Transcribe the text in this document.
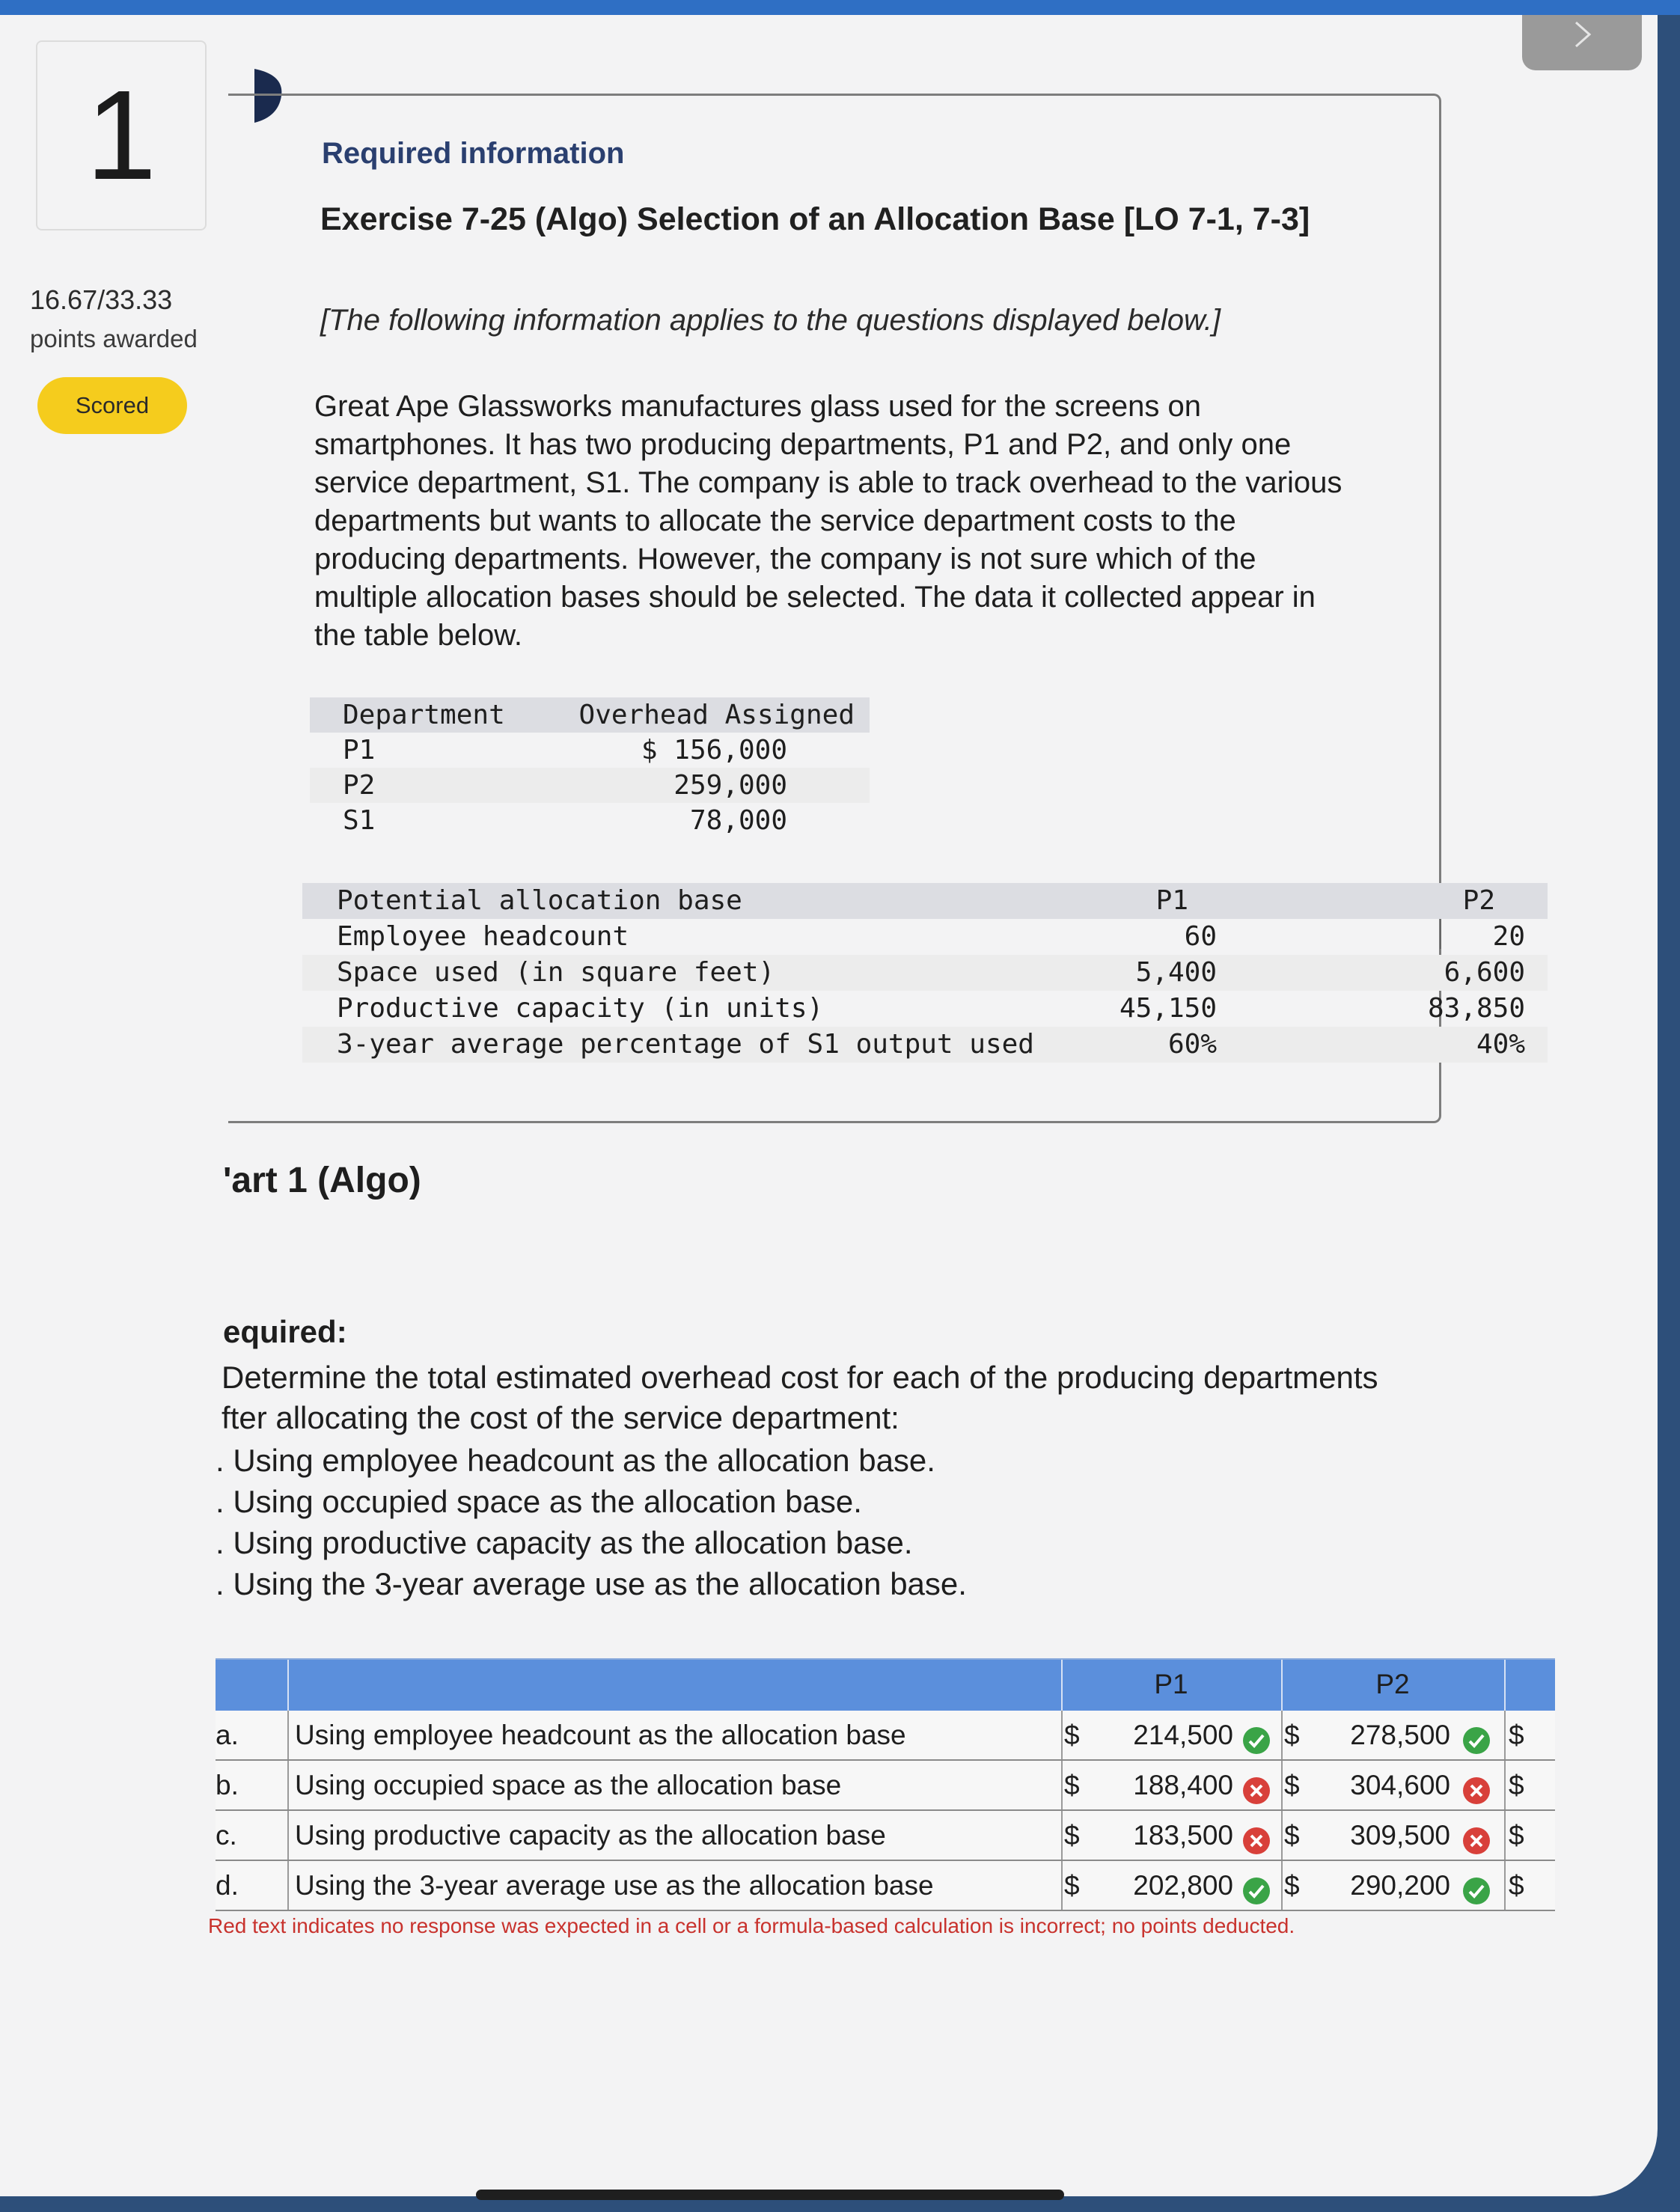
1
16.67/33.33
points awarded
Scored
Required information
Exercise 7-25 (Algo) Selection of an Allocation Base [LO 7-1, 7-3]
[The following information applies to the questions displayed below.]
Great Ape Glassworks manufactures glass used for the screens on smartphones. It has two producing departments, P1 and P2, and only one service department, S1. The company is able to track overhead to the various departments but wants to allocate the service department costs to the producing departments. However, the company is not sure which of the multiple allocation bases should be selected. The data it collected appear in the table below.
Department	Overhead Assigned
P1	$ 156,000
P2	259,000
S1	78,000
Potential allocation base	P1	P2
Employee headcount	60	20
Space used (in square feet)	5,400	6,600
Productive capacity (in units)	45,150	83,850
3-year average percentage of S1 output used	60%	40%
'art 1 (Algo)
equired:
Determine the total estimated overhead cost for each of the producing departments
fter allocating the cost of the service department:
. Using employee headcount as the allocation base.
. Using occupied space as the allocation base.
. Using productive capacity as the allocation base.
. Using the 3-year average use as the allocation base.
P1	P2
a. Using employee headcount as the allocation base	$	214,500 $	278,500 $
b. Using occupied space as the allocation base	$	188,400 $	304,600 $
c. Using productive capacity as the allocation base	$	183,500 $	309,500 $
d. Using the 3-year average use as the allocation base	$	202,800 $	290,200 $
Red text indicates no response was expected in a cell or a formula-based calculation is incorrect; no points deducted.
